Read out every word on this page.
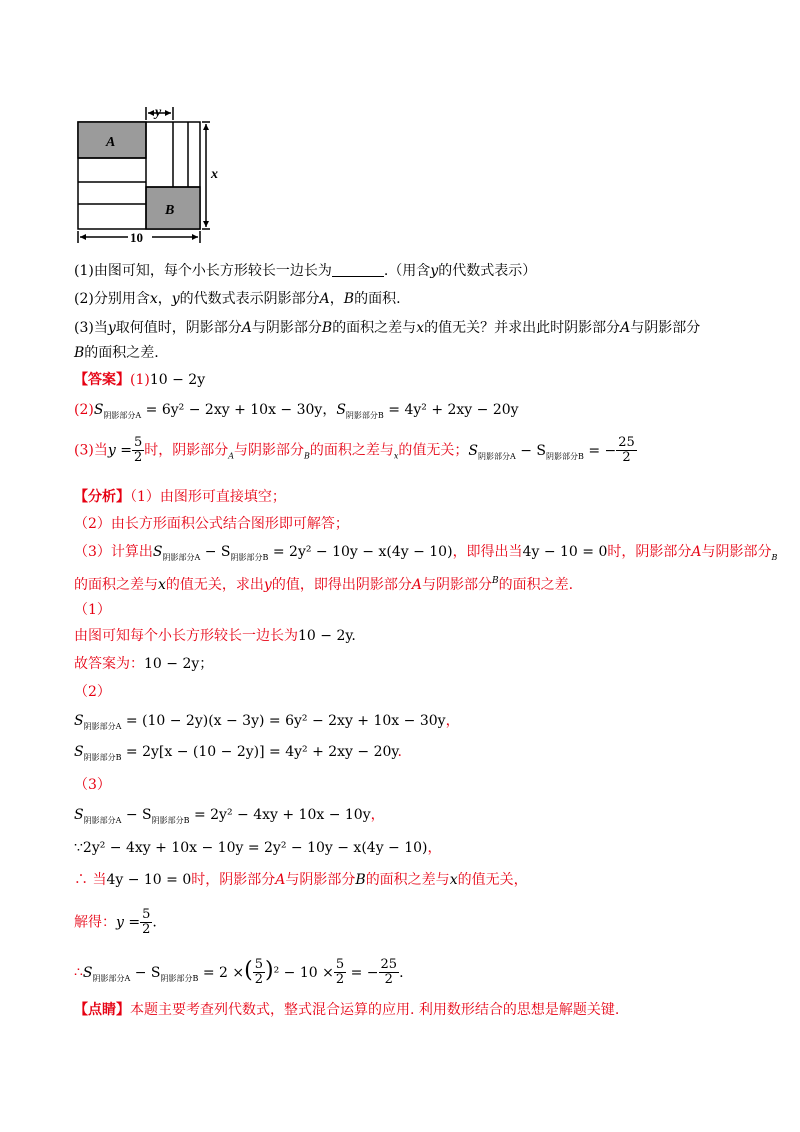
y
x
A
B
10
(1)由图可知，每个小长方形较长一边长为	.（用含y的代数式表示）
(2)分别用含x，y的代数式表示阴影部分A，B的面积.
(3)当y取何值时，阴影部分A与阴影部分B的面积之差与x的值无关？并求出此时阴影部分A与阴影部分
B的面积之差.
【答案】(1)10 − 2y
$(2)S_{阴影部分A} = 6y^2 - 2xy + 10x - 30y$，$S_{阴影部分B} = 4y^2 + 2xy - 20y$
(3)当$y = \frac{5}{2}$ 时，阴影部分$_A$与阴影部分$_B$的面积之差与$_x$的值无关；$S_{阴影部分A} - S_{阴影部分B}$ = − $\frac{25}{2}$
【分析】（1）由图形可直接填空；
（2）由长方形面积公式结合图形即可解答；
（3）计算出$S_{阴影部分A} - S_{阴影部分B} = 2y^2 - 10y - x(4y - 10)$，即得出当4y − 10 = 0时，阴影部分A与阴影部分$_B$
的面积之差与x的值无关，求出y的值，即得出阴影部分A与阴影部分$^B$的面积之差.
（1）
由图可知每个小长方形较长一边长为10 − 2y.
故答案为：10 − 2y；
（2）
$S_{阴影部分A} = (10 - 2y)(x - 3y) = 6y^2 - 2xy + 10x - 30y$，
$S_{阴影部分B} = 2y[x - (10 - 2y)] = 4y^2 + 2xy - 20y$.
（3）
$S_{阴影部分A} - S_{阴影部分B} = 2y^2 - 4xy + 10x - 10y$，
∵2y² − 4xy + 10x − 10y = 2y² − 10y − x(4y − 10)，
∴ 当4y − 10 = 0时，阴影部分A与阴影部分B的面积之差与x的值无关，
解得：$y = \frac{5}{2}$ .
$\therefore S_{阴影部分A} - S_{阴影部分B} = 2$ ×( $\frac{5}{2} )^2 - 10 \times \frac{5}{2}$ = − $\frac{25}{2}$ .
【点睛】本题主要考查列代数式，整式混合运算的应用. 利用数形结合的思想是解题关键.
